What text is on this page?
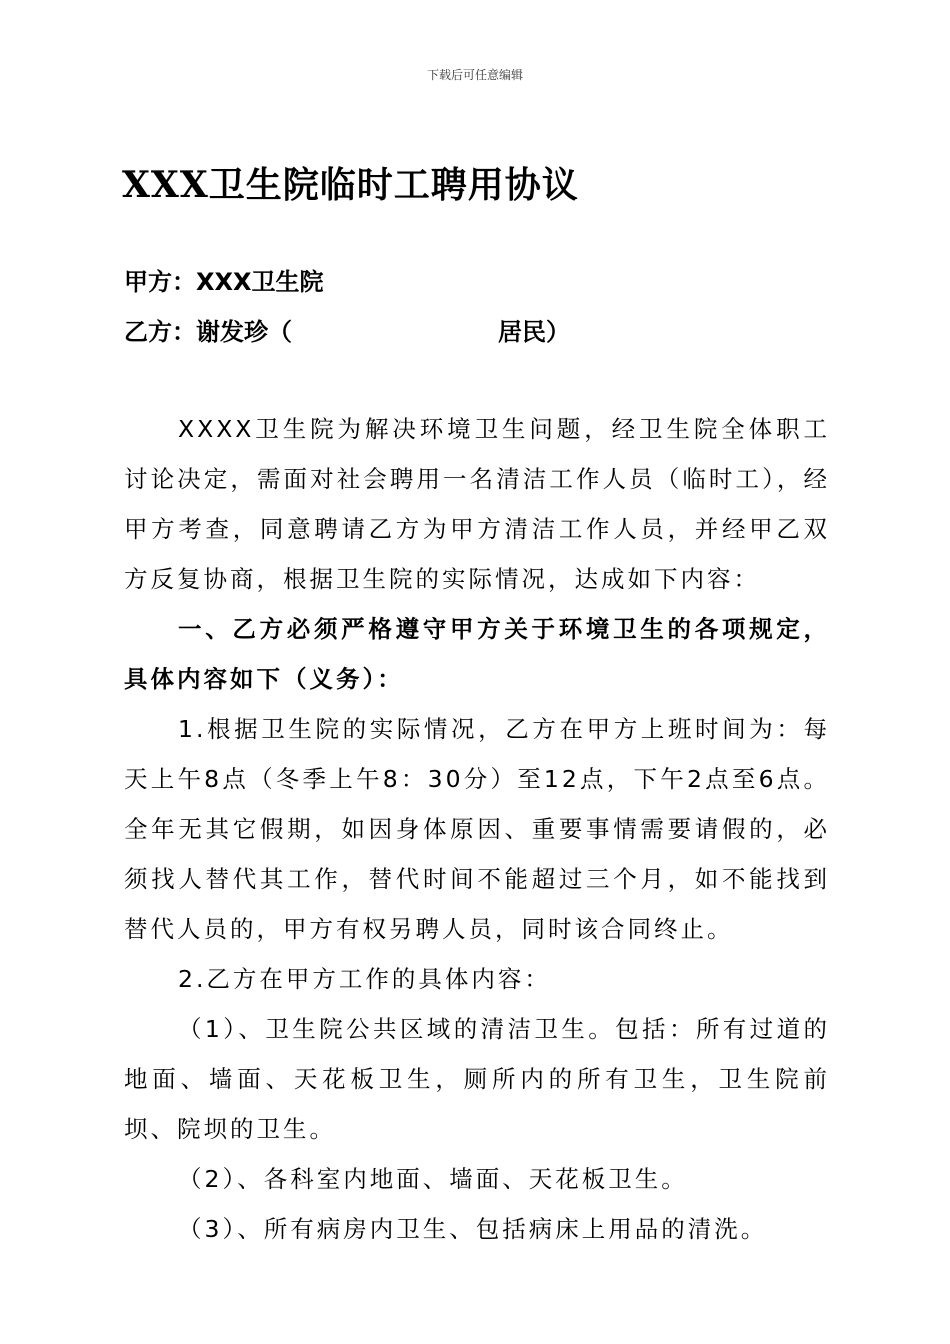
下载后可任意编辑
XXX卫生院临时工聘用协议
甲方：XXX卫生院
乙方：谢发珍（	居民）

XXXX卫生院为解决环境卫生问题，经卫生院全体职工讨论决定，需面对社会聘用一名清洁工作人员（临时工），经甲方考查，同意聘请乙方为甲方清洁工作人员，并经甲乙双方反复协商，根据卫生院的实际情况，达成如下内容：

一、乙方必须严格遵守甲方关于环境卫生的各项规定，具体内容如下（义务）：

1.根据卫生院的实际情况，乙方在甲方上班时间为：每天上午8点（冬季上午8：30分）至12点，下午2点至6点。全年无其它假期，如因身体原因、重要事情需要请假的，必须找人替代其工作，替代时间不能超过三个月，如不能找到替代人员的，甲方有权另聘人员，同时该合同终止。

2.乙方在甲方工作的具体内容：

（1）、卫生院公共区域的清洁卫生。包括：所有过道的地面、墙面、天花板卫生，厕所内的所有卫生，卫生院前坝、院坝的卫生。

（2）、各科室内地面、墙面、天花板卫生。

（3）、所有病房内卫生、包括病床上用品的清洗。
